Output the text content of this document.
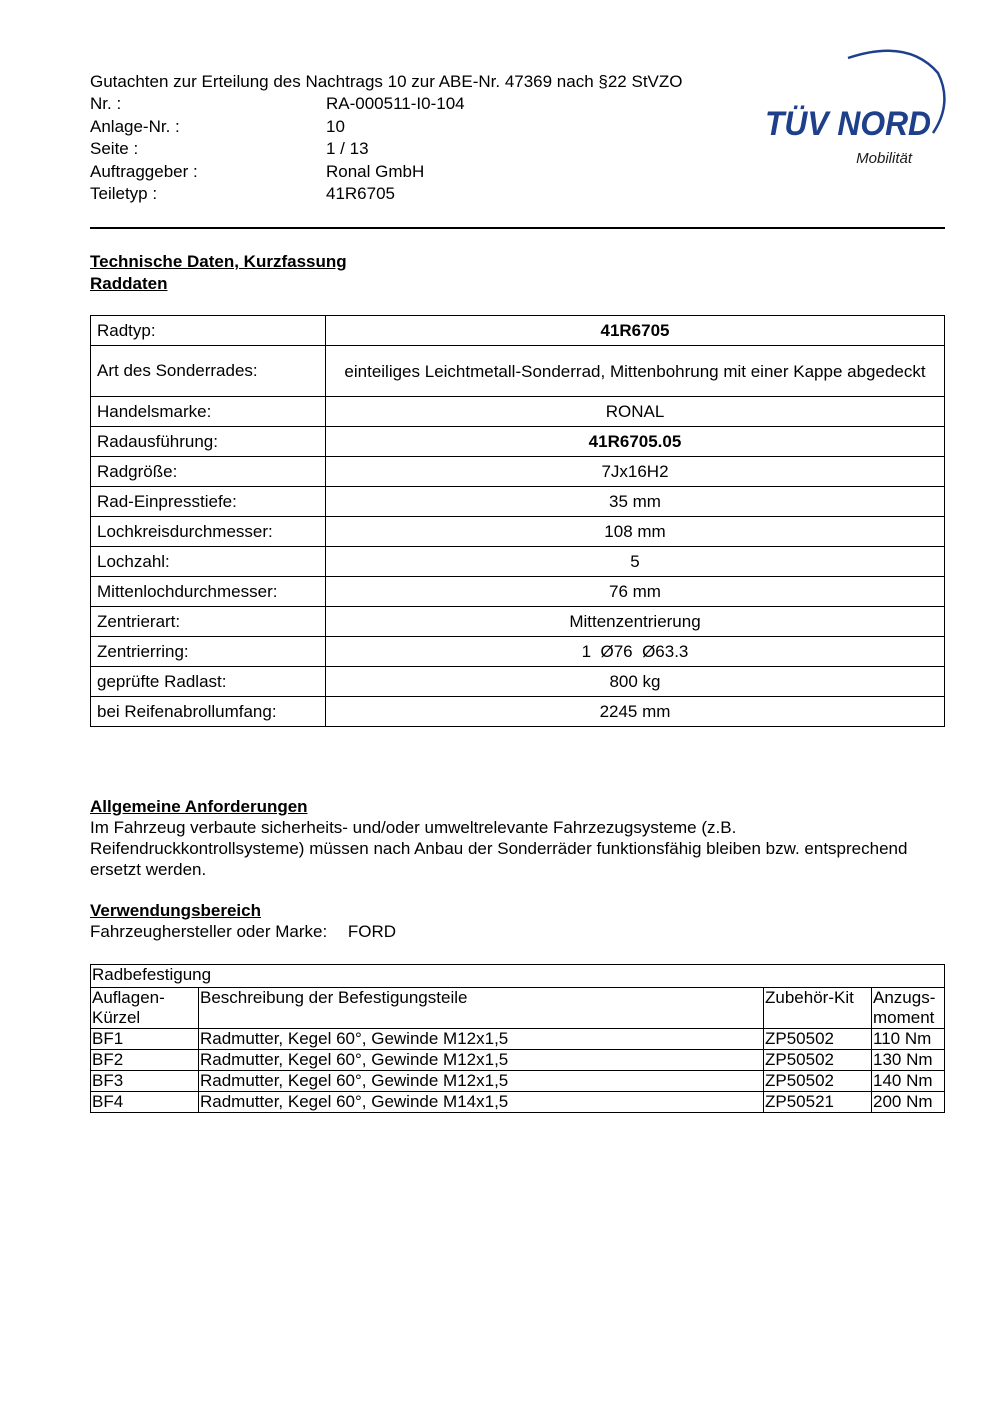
Gutachten zur Erteilung des Nachtrags 10 zur ABE-Nr. 47369 nach §22 StVZO
Nr. :	RA-000511-I0-104
Anlage-Nr. :	10
Seite :	1 / 13
Auftraggeber :	Ronal GmbH
Teiletyp :	41R6705
TÜV NORD
Mobilität
Technische Daten, Kurzfassung
Raddaten
Radtyp:	41R6705
Art des Sonderrades:	einteiliges Leichtmetall-Sonderrad, Mittenbohrung mit einer Kappe abgedeckt
Handelsmarke:	RONAL
Radausführung:	41R6705.05
Radgröße:	7Jx16H2
Rad-Einpresstiefe:	35 mm
Lochkreisdurchmesser:	108 mm
Lochzahl:	5
Mittenlochdurchmesser:	76 mm
Zentrierart:	Mittenzentrierung
Zentrierring:	1  Ø76  Ø63.3
geprüfte Radlast:	800 kg
bei Reifenabrollumfang:	2245 mm
Allgemeine Anforderungen
Im Fahrzeug verbaute sicherheits- und/oder umweltrelevante Fahrzezugsysteme (z.B. Reifendruckkontrollsysteme) müssen nach Anbau der Sonderräder funktionsfähig bleiben bzw. entsprechend ersetzt werden.
Verwendungsbereich
Fahrzeughersteller oder Marke: FORD
Radbefestigung			
Auflagen-
Kürzel	Beschreibung der Befestigungsteile	Zubehör-Kit	Anzugs-
moment
BF1	Radmutter, Kegel 60°, Gewinde M12x1,5	ZP50502	110 Nm
BF2	Radmutter, Kegel 60°, Gewinde M12x1,5	ZP50502	130 Nm
BF3	Radmutter, Kegel 60°, Gewinde M12x1,5	ZP50502	140 Nm
BF4	Radmutter, Kegel 60°, Gewinde M14x1,5	ZP50521	200 Nm
